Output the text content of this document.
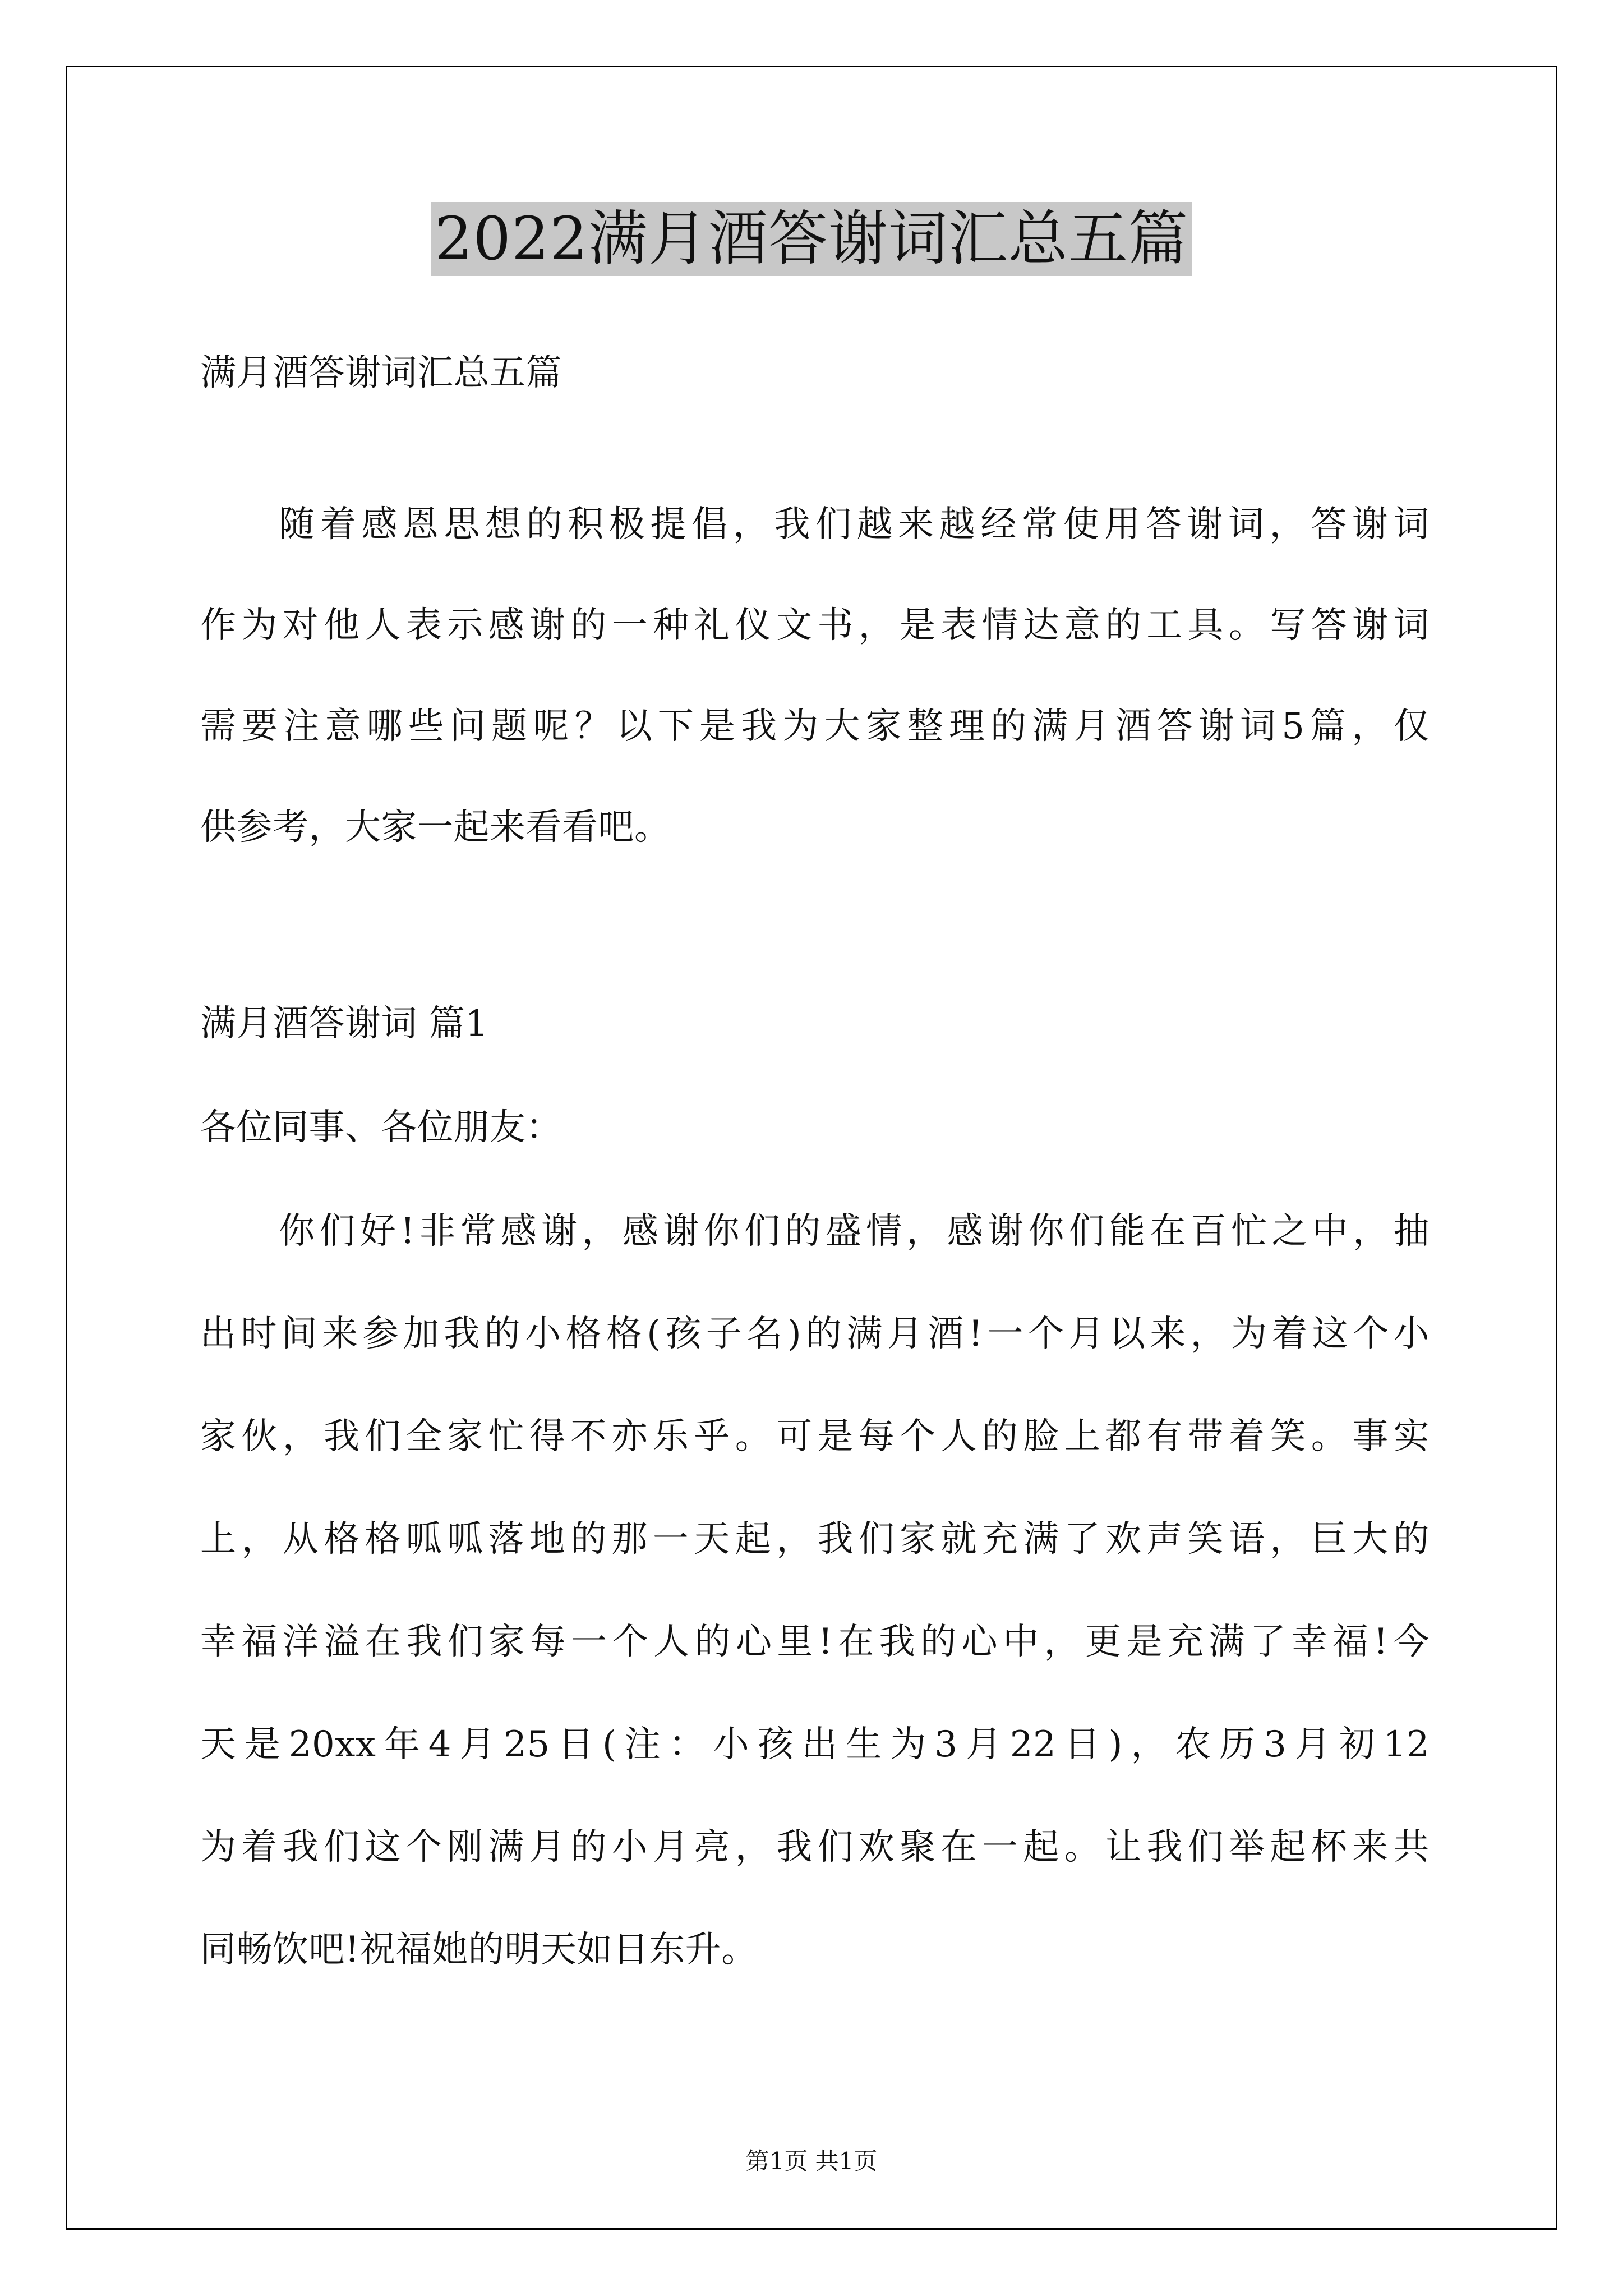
2022满月酒答谢词汇总五篇
满月酒答谢词汇总五篇
随着感恩思想的积极提倡，我们越来越经常使用答谢词，答谢词
作为对他人表示感谢的一种礼仪文书，是表情达意的工具。写答谢词
需要注意哪些问题呢？以下是我为大家整理的满月酒答谢词5篇，仅
供参考，大家一起来看看吧。
满月酒答谢词 篇1
各位同事、各位朋友：
你们好!非常感谢，感谢你们的盛情，感谢你们能在百忙之中，抽
出时间来参加我的小格格(孩子名)的满月酒!一个月以来，为着这个小
家伙，我们全家忙得不亦乐乎。可是每个人的脸上都有带着笑。事实
上，从格格呱呱落地的那一天起，我们家就充满了欢声笑语，巨大的
幸福洋溢在我们家每一个人的心里!在我的心中，更是充满了幸福!今
天是20xx年4月25日(注：小孩出生为3月22日)，农历3月初12
为着我们这个刚满月的小月亮，我们欢聚在一起。让我们举起杯来共
同畅饮吧!祝福她的明天如日东升。
第1页 共1页
